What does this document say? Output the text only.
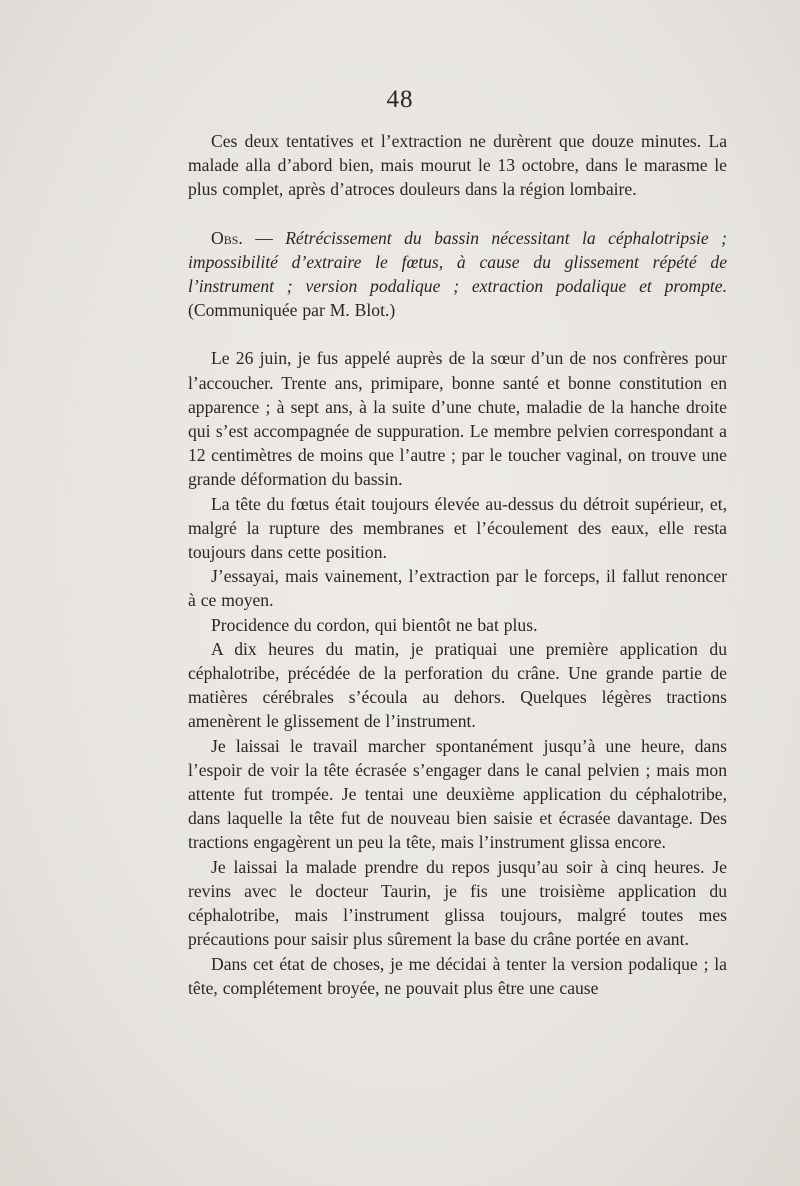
48

Ces deux tentatives et l’extraction ne durèrent que douze minutes. La malade alla d’abord bien, mais mourut le 13 octobre, dans le marasme le plus complet, après d’atroces douleurs dans la région lombaire.

Obs. — Rétrécissement du bassin nécessitant la céphalotripsie ; impossibilité d’extraire le fœtus, à cause du glissement répété de l’instrument ; version podalique ; extraction podalique et prompte. (Communiquée par M. Blot.)

Le 26 juin, je fus appelé auprès de la sœur d’un de nos confrères pour l’accoucher. Trente ans, primipare, bonne santé et bonne constitution en apparence ; à sept ans, à la suite d’une chute, maladie de la hanche droite qui s’est accompagnée de suppuration. Le membre pelvien correspondant a 12 centimètres de moins que l’autre ; par le toucher vaginal, on trouve une grande déformation du bassin.

La tête du fœtus était toujours élevée au-dessus du détroit supérieur, et, malgré la rupture des membranes et l’écoulement des eaux, elle resta toujours dans cette position.

J’essayai, mais vainement, l’extraction par le forceps, il fallut renoncer à ce moyen.

Procidence du cordon, qui bientôt ne bat plus.

A dix heures du matin, je pratiquai une première application du céphalotribe, précédée de la perforation du crâne. Une grande partie de matières cérébrales s’écoula au dehors. Quelques légères tractions amenèrent le glissement de l’instrument.

Je laissai le travail marcher spontanément jusqu’à une heure, dans l’espoir de voir la tête écrasée s’engager dans le canal pelvien ; mais mon attente fut trompée. Je tentai une deuxième application du céphalotribe, dans laquelle la tête fut de nouveau bien saisie et écrasée davantage. Des tractions engagèrent un peu la tête, mais l’instrument glissa encore.

Je laissai la malade prendre du repos jusqu’au soir à cinq heures. Je revins avec le docteur Taurin, je fis une troisième application du céphalotribe, mais l’instrument glissa toujours, malgré toutes mes précautions pour saisir plus sûrement la base du crâne portée en avant.

Dans cet état de choses, je me décidai à tenter la version podalique ; la tête, complétement broyée, ne pouvait plus être une cause
